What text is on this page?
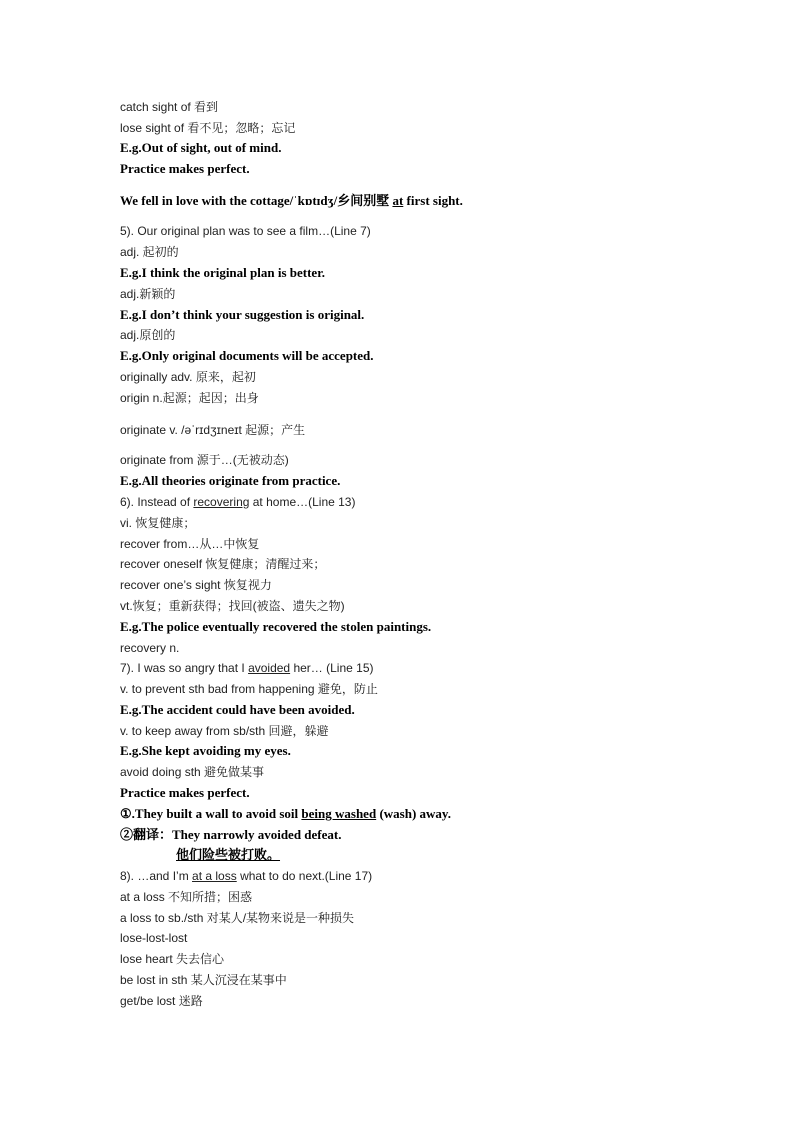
catch sight of 看到
lose sight of 看不见；忽略；忘记
E.g.Out of sight, out of mind.
Practice makes perfect.
We fell in love with the cottage/ˈkɒtɪdʒ/乡间别墅 at first sight.
5). Our original plan was to see a film…(Line 7)
adj. 起初的
E.g.I think the original plan is better.
adj.新颖的
E.g.I don’t think your suggestion is original.
adj.原创的
E.g.Only original documents will be accepted.
originally adv. 原来，起初
origin n.起源；起因；出身
originate v. /əˈrɪdʒɪneɪt 起源；产生
originate from 源于…(无被动态)
E.g.All theories originate from practice.
6). Instead of recovering at home…(Line 13)
vi. 恢复健康；
recover from…从…中恢复
recover oneself 恢复健康；清醒过来；
recover one’s sight 恢复视力
vt.恢复；重新获得；找回(被盗、遗失之物)
E.g.The police eventually recovered the stolen paintings.
recovery n.
7). I was so angry that I avoided her… (Line 15)
v. to prevent sth bad from happening 避免，防止
E.g.The accident could have been avoided.
v. to keep away from sb/sth 回避，躲避
E.g.She kept avoiding my eyes.
avoid doing sth 避免做某事
Practice makes perfect.
①.They built a wall to avoid soil being washed (wash) away.
②翻译：They narrowly avoided defeat.
他们险些被打败。
8). …and I’m at a loss what to do next.(Line 17)
at a loss 不知所措；困惑
a loss to sb./sth 对某人/某物来说是一种损失
lose-lost-lost
lose heart 失去信心
be lost in sth 某人沉浸在某事中
get/be lost 迷路
